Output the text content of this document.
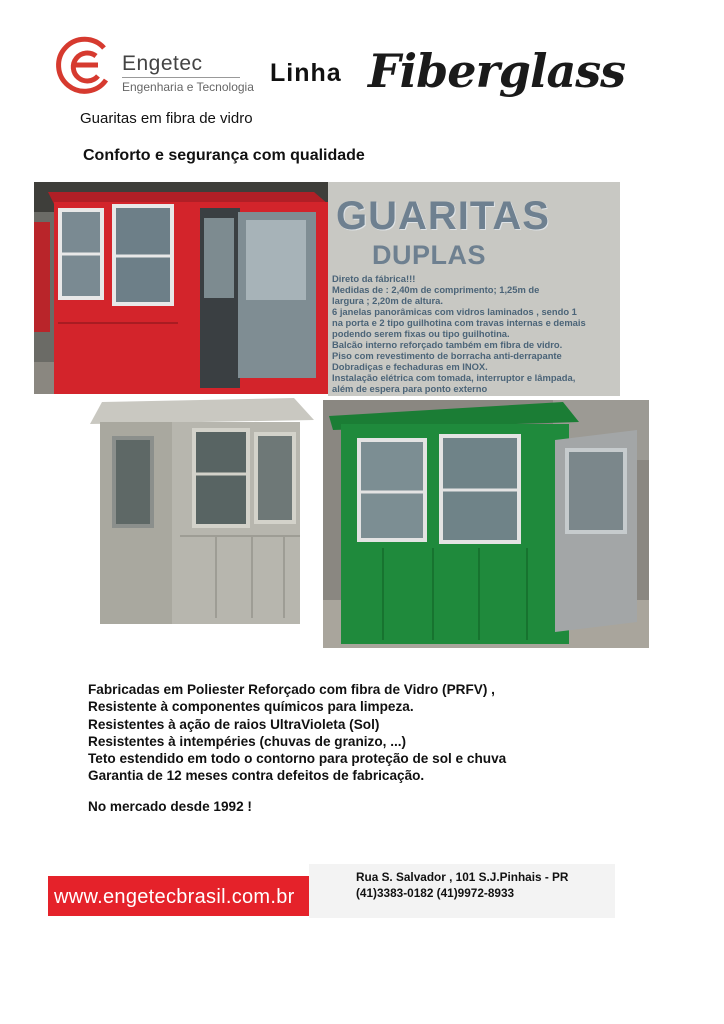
Engetec
Engenharia e Tecnologia Linha Fiberglass
Guaritas em fibra de vidro
Conforto e segurança com qualidade
GUARITAS
DUPLAS
Direto da fábrica!!!
Medidas de : 2,40m de comprimento; 1,25m de
largura ; 2,20m de altura.
6 janelas panorâmicas com vidros laminados , sendo 1
na porta e 2 tipo guilhotina com travas internas e demais
podendo serem fixas ou tipo guilhotina.
Balcão interno reforçado também em fibra de vidro.
Piso com revestimento de borracha anti-derrapante
Dobradiças e fechaduras em INOX.
Instalação elétrica com tomada, interruptor e lâmpada,
além de espera para ponto externo
Fabricadas em Poliester Reforçado com fibra de Vidro (PRFV) ,
Resistente à componentes químicos para limpeza.
Resistentes à ação de raios UltraVioleta (Sol)
Resistentes à intempéries (chuvas de granizo, ...)
Teto estendido em todo o contorno para proteção de sol e chuva
Garantia de 12 meses contra defeitos de fabricação.
No mercado desde 1992 !
www.engetecbrasil.com.br
Rua S. Salvador , 101 S.J.Pinhais - PR
(41)3383-0182 (41)9972-8933
